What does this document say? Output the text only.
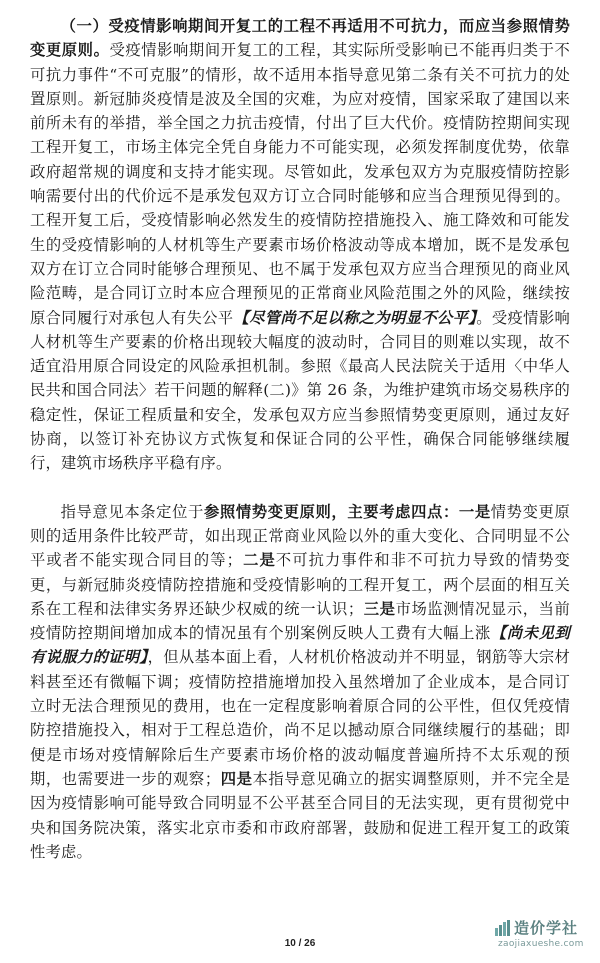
（一）受疫情影响期间开复工的工程不再适用不可抗力，而应当参照情势变更原则。受疫情影响期间开复工的工程，其实际所受影响已不能再归类于不可抗力事件“不可克服”的情形，故不适用本指导意见第二条有关不可抗力的处置原则。新冠肺炎疫情是波及全国的灾难，为应对疫情，国家采取了建国以来前所未有的举措，举全国之力抗击疫情，付出了巨大代价。疫情防控期间实现工程开复工，市场主体完全凭自身能力不可能实现，必须发挥制度优势，依靠政府超常规的调度和支持才能实现。尽管如此，发承包双方为克服疫情防控影响需要付出的代价远不是承发包双方订立合同时能够和应当合理预见得到的。工程开复工后，受疫情影响必然发生的疫情防控措施投入、施工降效和可能发生的受疫情影响的人材机等生产要素市场价格波动等成本增加，既不是发承包双方在订立合同时能够合理预见、也不属于发承包双方应当合理预见的商业风险范畴，是合同订立时本应合理预见的正常商业风险范围之外的风险，继续按原合同履行对承包人有失公平【尽管尚不足以称之为明显不公平】。受疫情影响人材机等生产要素的价格出现较大幅度的波动时，合同目的则难以实现，故不适宜沿用原合同设定的风险承担机制。参照《最高人民法院关于适用〈中华人民共和国合同法〉若干问题的解释(二)》第 26 条，为维护建筑市场交易秩序的稳定性，保证工程质量和安全，发承包双方应当参照情势变更原则，通过友好协商，以签订补充协议方式恢复和保证合同的公平性，确保合同能够继续履行，建筑市场秩序平稳有序。

指导意见本条定位于参照情势变更原则，主要考虑四点：一是情势变更原则的适用条件比较严苛，如出现正常商业风险以外的重大变化、合同明显不公平或者不能实现合同目的等；二是不可抗力事件和非不可抗力导致的情势变更，与新冠肺炎疫情防控措施和受疫情影响的工程开复工，两个层面的相互关系在工程和法律实务界还缺少权威的统一认识；三是市场监测情况显示，当前疫情防控期间增加成本的情况虽有个别案例反映人工费有大幅上涨【尚未见到有说服力的证明】，但从基本面上看，人材机价格波动并不明显，钢筋等大宗材料甚至还有微幅下调；疫情防控措施增加投入虽然增加了企业成本，是合同订立时无法合理预见的费用，也在一定程度影响着原合同的公平性，但仅凭疫情防控措施投入，相对于工程总造价，尚不足以撼动原合同继续履行的基础；即便是市场对疫情解除后生产要素市场价格的波动幅度普遍所持不太乐观的预期，也需要进一步的观察；四是本指导意见确立的据实调整原则，并不完全是因为疫情影响可能导致合同明显不公平甚至合同目的无法实现，更有贯彻党中央和国务院决策，落实北京市委和市政府部署，鼓励和促进工程开复工的政策性考虑。

10 / 26
造价学社
zaojiaxueshe.com
